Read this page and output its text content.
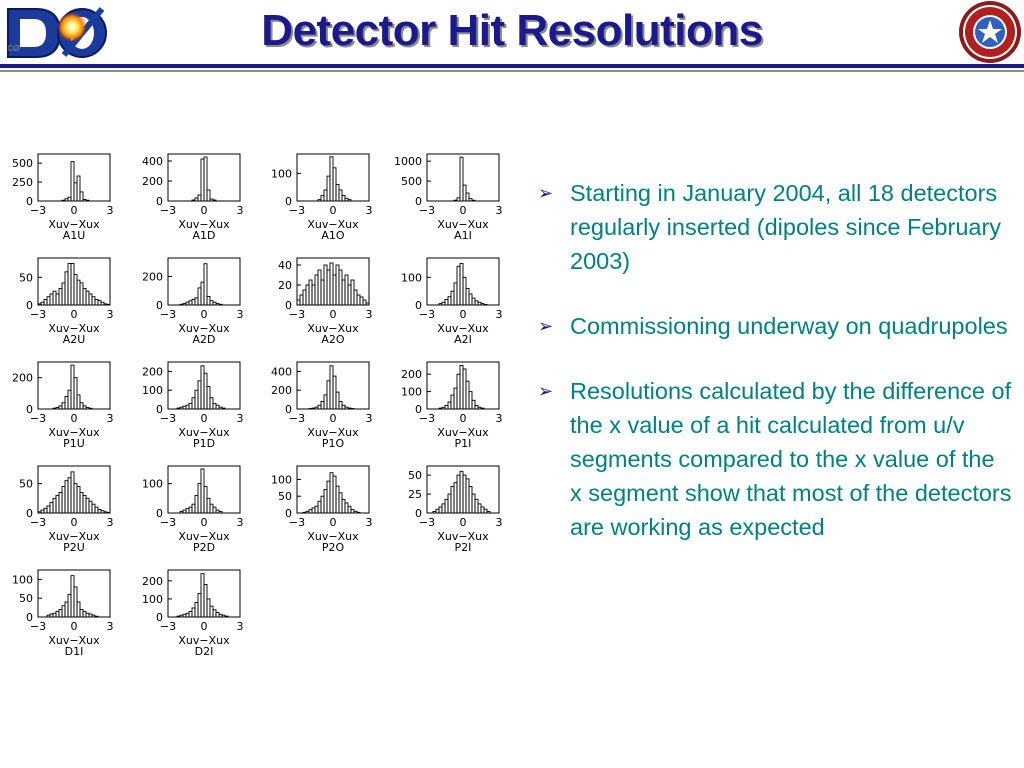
DØ	Detector Hit Resolutions
−3 0	3
500
250
0
Xuv−Xux
A1U
−3 0	3
400
200
0
Xuv−Xux
A1D
−3 0	3
100
0
Xuv−Xux
A1O
−3 0	3
1000
500
0
Xuv−Xux
A1I
−3 0	3
50
0
Xuv−Xux
A2U
−3 0	3
200
0
Xuv−Xux
A2D
−3 0	3
40
20
0
Xuv−Xux
A2O
−3 0	3
100
0
Xuv−Xux
A2I
−3 0	3
200
0
Xuv−Xux
P1U
−3 0	3
200
100
0
Xuv−Xux
P1D
−3 0	3
400
200
0
Xuv−Xux
P1O
−3 0	3
200
100
0
Xuv−Xux
P1I
−3 0	3
50
0
Xuv−Xux
P2U
−3 0	3
100
0
Xuv−Xux
P2D
−3 0	3
100
50
0
Xuv−Xux
P2O
−3 0	3
50
25
0
Xuv−Xux
P2I
−3 0	3
100
50
0
Xuv−Xux
D1I
−3 0	3
200
100
0
Xuv−Xux
D2I
➢ Starting in January 2004, all 18 detectors regularly inserted (dipoles since February 2003)
➢ Commissioning underway on quadrupoles
➢ Resolutions calculated by the difference of the x value of a hit calculated from u/v segments compared to the x value of the x segment show that most of the detectors are working as expected
